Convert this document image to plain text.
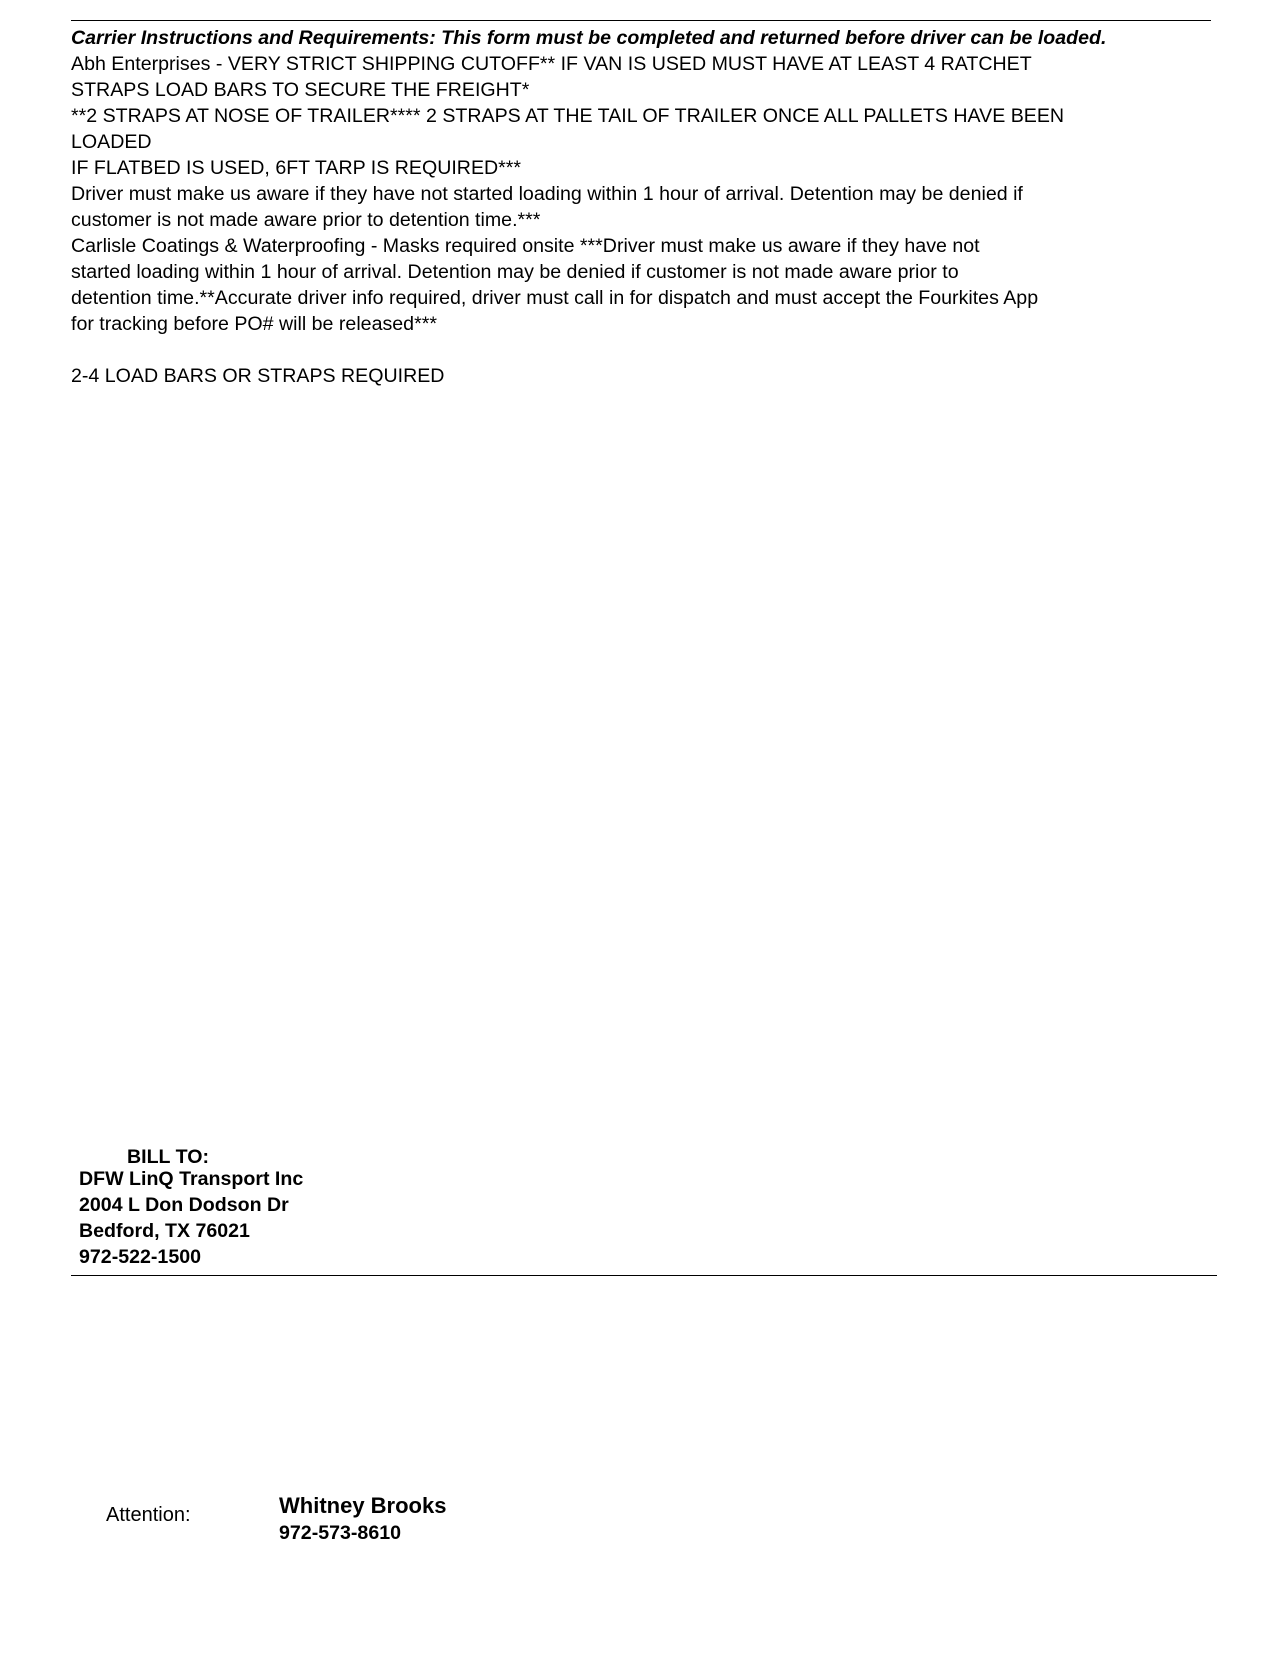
Carrier Instructions and Requirements: This form must be completed and returned before driver can be loaded.
Abh Enterprises - VERY STRICT SHIPPING CUTOFF** IF VAN IS USED MUST HAVE AT LEAST 4 RATCHET
STRAPS LOAD BARS TO SECURE THE FREIGHT*
**2 STRAPS AT NOSE OF TRAILER**** 2 STRAPS AT THE TAIL OF TRAILER ONCE ALL PALLETS HAVE BEEN
LOADED
IF FLATBED IS USED, 6FT TARP IS REQUIRED***
Driver must make us aware if they have not started loading within 1 hour of arrival. Detention may be denied if
customer is not made aware prior to detention time.***
Carlisle Coatings & Waterproofing - Masks required onsite ***Driver must make us aware if they have not
started loading within 1 hour of arrival. Detention may be denied if customer is not made aware prior to
detention time.**Accurate driver info required, driver must call in for dispatch and must accept the Fourkites App
for tracking before PO# will be released***
2-4 LOAD BARS OR STRAPS REQUIRED
BILL TO:
DFW LinQ Transport Inc
2004 L Don Dodson Dr
Bedford, TX 76021
972-522-1500
Attention:	Whitney Brooks
972-573-8610
